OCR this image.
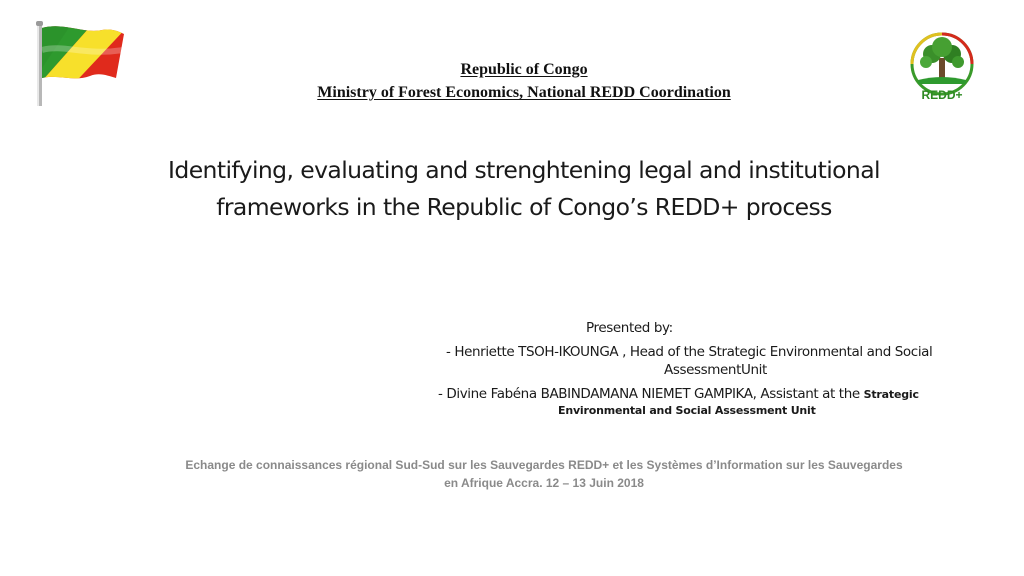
REDD+
Republic of Congo
Ministry of Forest Economics, National REDD Coordination
Identifying, evaluating and strenghtening legal and institutional
frameworks in the Republic of Congo’s REDD+ process
Presented by:
- Henriette TSOH-IKOUNGA , Head of the Strategic Environmental and Social
AssessmentUnit
- Divine Fabéna BABINDAMANA NIEMET GAMPIKA, Assistant at the Strategic
Environmental and Social Assessment Unit
Echange de connaissances régional Sud-Sud sur les Sauvegardes REDD+ et les Systèmes d’Information sur les Sauvegardes
en Afrique Accra. 12 – 13 Juin 2018
